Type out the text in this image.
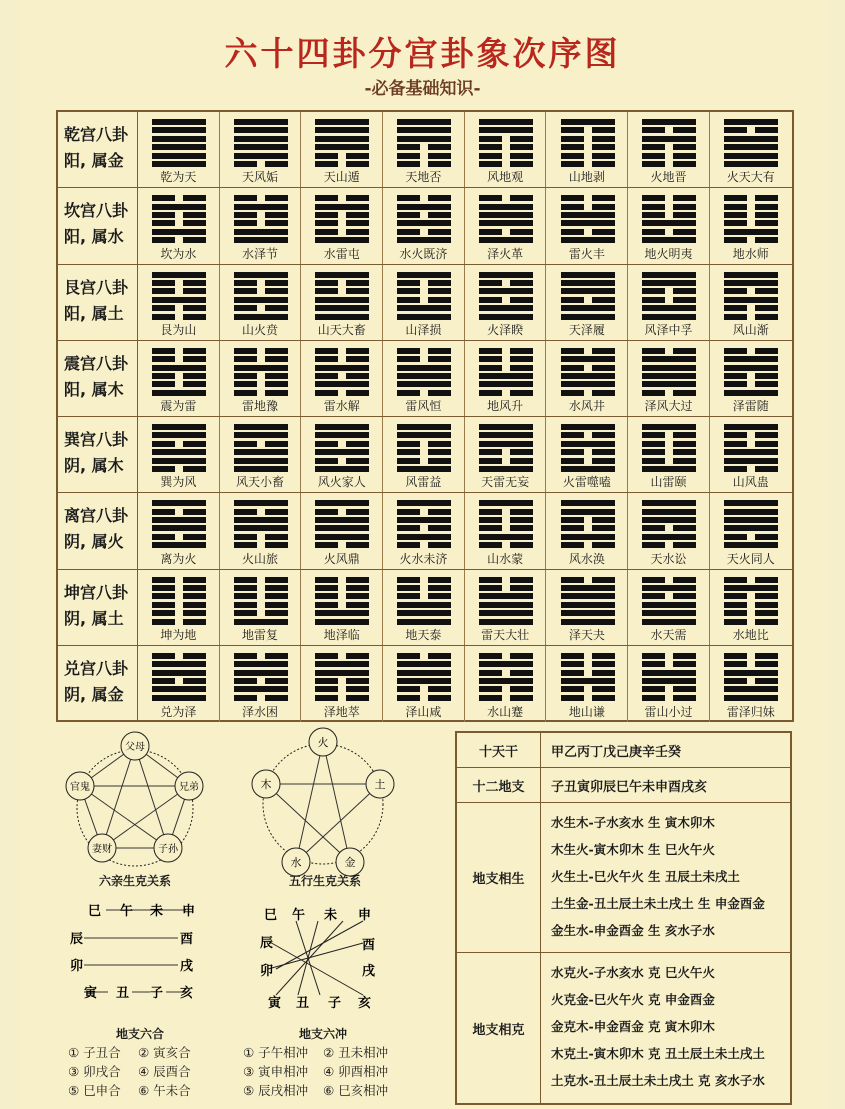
六十四卦分宫卦象次序图
-必备基础知识-
乾宫八卦
阳, 属金
乾为天	天风姤	天山遁	天地否	风地观	山地剥	火地晋	火天大有
坎宫八卦
阳, 属水
坎为水	水泽节	水雷屯	水火既济	泽火革	雷火丰	地火明夷	地水师
艮宫八卦
阳, 属土
艮为山	山火贲	山天大畜	山泽损	火泽睽	天泽履	风泽中孚	风山渐
震宫八卦
阳, 属木
震为雷	雷地豫	雷水解	雷风恒	地风升	水风井	泽风大过	泽雷随
巽宫八卦
阴, 属木
巽为风	风天小畜	风火家人	风雷益	天雷无妄	火雷噬嗑	山雷颐	山风蛊
离宫八卦
阴, 属火
离为火	火山旅	火风鼎	火水未济	山水蒙	风水涣	天水讼	天火同人
坤宫八卦
阴, 属土
坤为地	地雷复	地泽临	地天泰	雷天大壮	泽天夬	水天需	水地比
兑宫八卦
阴, 属金
兑为泽	泽水困	泽地萃	泽山咸	水山蹇	地山谦	雷山小过	雷泽归妹
父母
兄弟
子孙
妻财
官鬼
六亲生克关系
火
土
金
水
木
五行生克关系
巳 午 未 申
辰	酉
卯	戌
寅 丑 子 亥
地支六合
① 子丑合 ② 寅亥合
③ 卯戌合 ④ 辰酉合
⑤ 巳申合 ⑥ 午未合
巳 午 未 申
辰	酉
卯	戌
寅 丑 子 亥
地支六冲
① 子午相冲 ② 丑未相冲
③ 寅申相冲 ④ 卯酉相冲
⑤ 辰戌相冲 ⑥ 巳亥相冲
十天干	甲乙丙丁戊己庚辛壬癸
十二地支	子丑寅卯辰巳午未申酉戌亥
地支相生
水生木-子水亥水 生 寅木卯木
木生火-寅木卯木 生 巳火午火
火生土-巳火午火 生 丑辰土未戌土
土生金-丑土辰土未土戌土 生 申金酉金
金生水-申金酉金 生 亥水子水
地支相克
水克火-子水亥水 克 巳火午火
火克金-巳火午火 克 申金酉金
金克木-申金酉金 克 寅木卯木
木克土-寅木卯木 克 丑土辰土未土戌土
土克水-丑土辰土未土戌土 克 亥水子水
